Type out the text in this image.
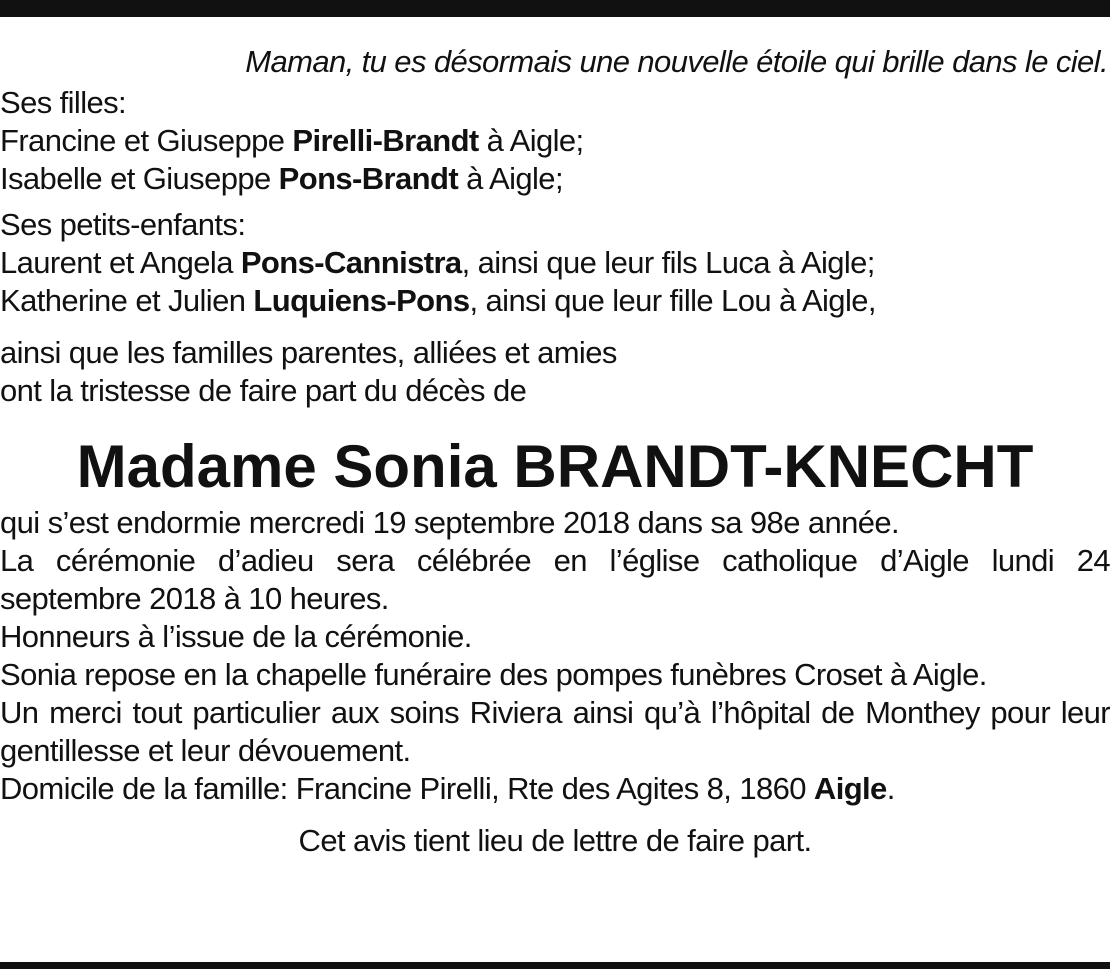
Maman, tu es désormais une nouvelle étoile qui brille dans le ciel.

Ses filles:
Francine et Giuseppe Pirelli-Brandt à Aigle;
Isabelle et Giuseppe Pons-Brandt à Aigle;
Ses petits-enfants:
Laurent et Angela Pons-Cannistra, ainsi que leur fils Luca à Aigle;
Katherine et Julien Luquiens-Pons, ainsi que leur fille Lou à Aigle,
ainsi que les familles parentes, alliées et amies
ont la tristesse de faire part du décès de
Madame Sonia BRANDT-KNECHT
qui s’est endormie mercredi 19 septembre 2018 dans sa 98e année.
La cérémonie d’adieu sera célébrée en l’église catholique d’Aigle lundi 24 septembre 2018 à 10 heures.
Honneurs à l’issue de la cérémonie.
Sonia repose en la chapelle funéraire des pompes funèbres Croset à Aigle.
Un merci tout particulier aux soins Riviera ainsi qu’à l’hôpital de Monthey pour leur gentillesse et leur dévouement.
Domicile de la famille: Francine Pirelli, Rte des Agites 8, 1860 Aigle.
Cet avis tient lieu de lettre de faire part.
